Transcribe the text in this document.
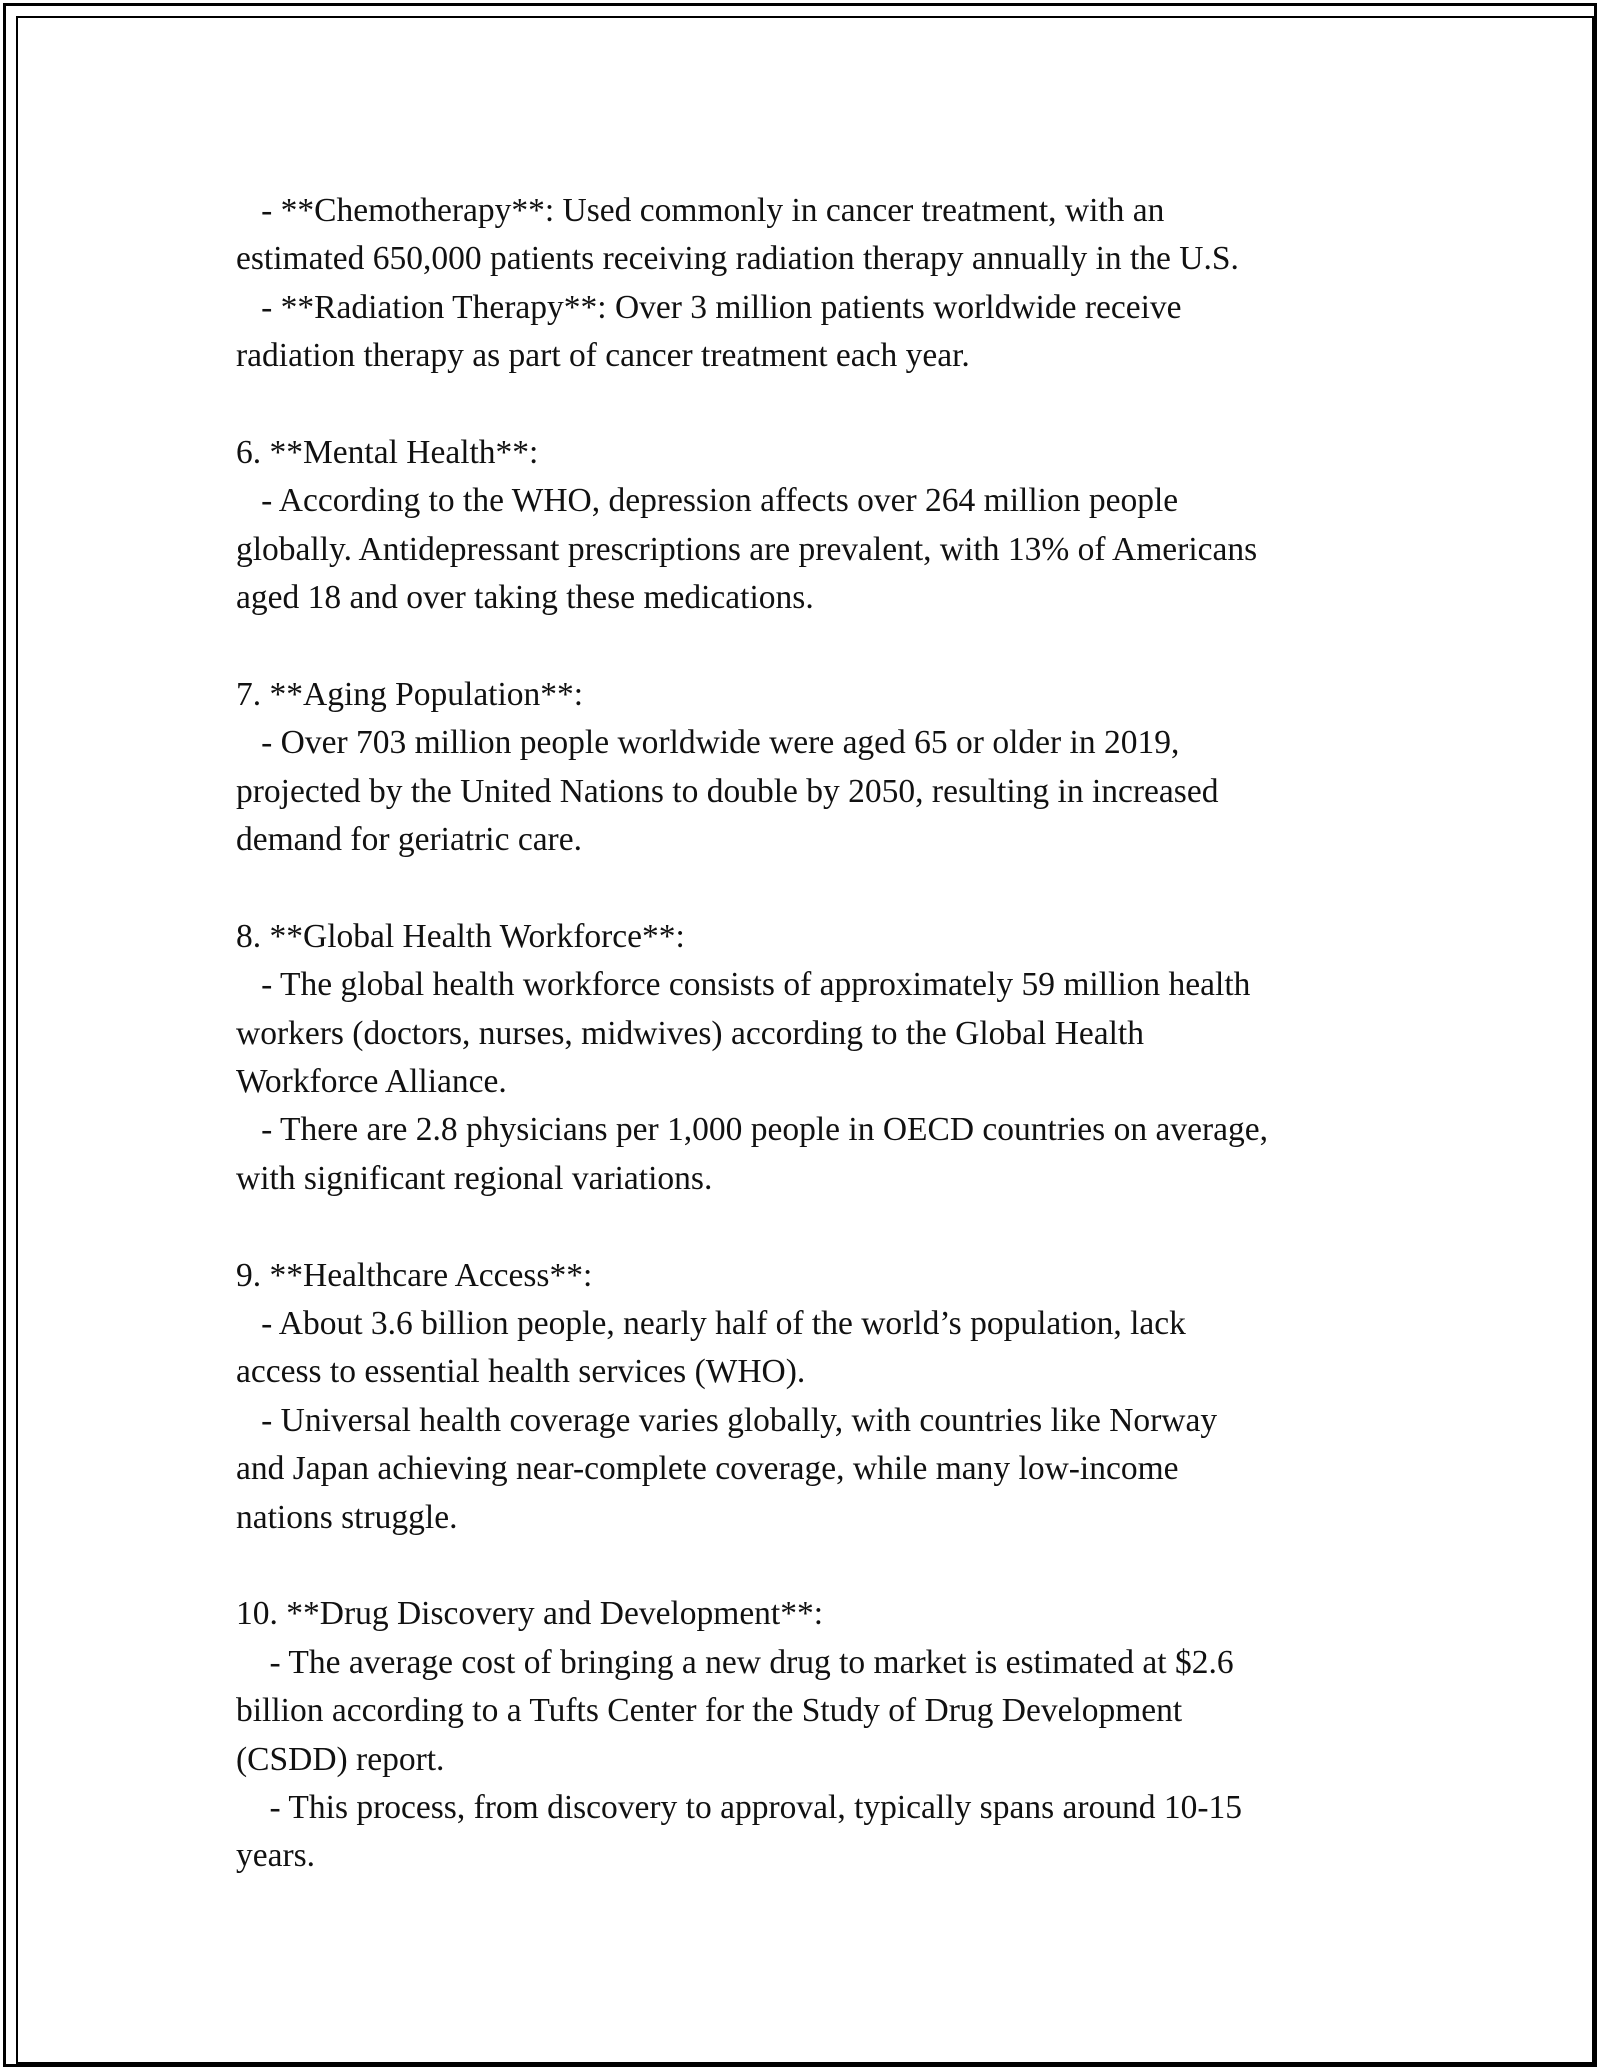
- **Chemotherapy**: Used commonly in cancer treatment, with an
estimated 650,000 patients receiving radiation therapy annually in the U.S.
- **Radiation Therapy**: Over 3 million patients worldwide receive
radiation therapy as part of cancer treatment each year.
6. **Mental Health**:
- According to the WHO, depression affects over 264 million people
globally. Antidepressant prescriptions are prevalent, with 13% of Americans
aged 18 and over taking these medications.
7. **Aging Population**:
- Over 703 million people worldwide were aged 65 or older in 2019,
projected by the United Nations to double by 2050, resulting in increased
demand for geriatric care.
8. **Global Health Workforce**:
- The global health workforce consists of approximately 59 million health
workers (doctors, nurses, midwives) according to the Global Health
Workforce Alliance.
- There are 2.8 physicians per 1,000 people in OECD countries on average,
with significant regional variations.
9. **Healthcare Access**:
- About 3.6 billion people, nearly half of the world’s population, lack
access to essential health services (WHO).
- Universal health coverage varies globally, with countries like Norway
and Japan achieving near-complete coverage, while many low-income
nations struggle.
10. **Drug Discovery and Development**:
- The average cost of bringing a new drug to market is estimated at $2.6
billion according to a Tufts Center for the Study of Drug Development
(CSDD) report.
- This process, from discovery to approval, typically spans around 10-15
years.
